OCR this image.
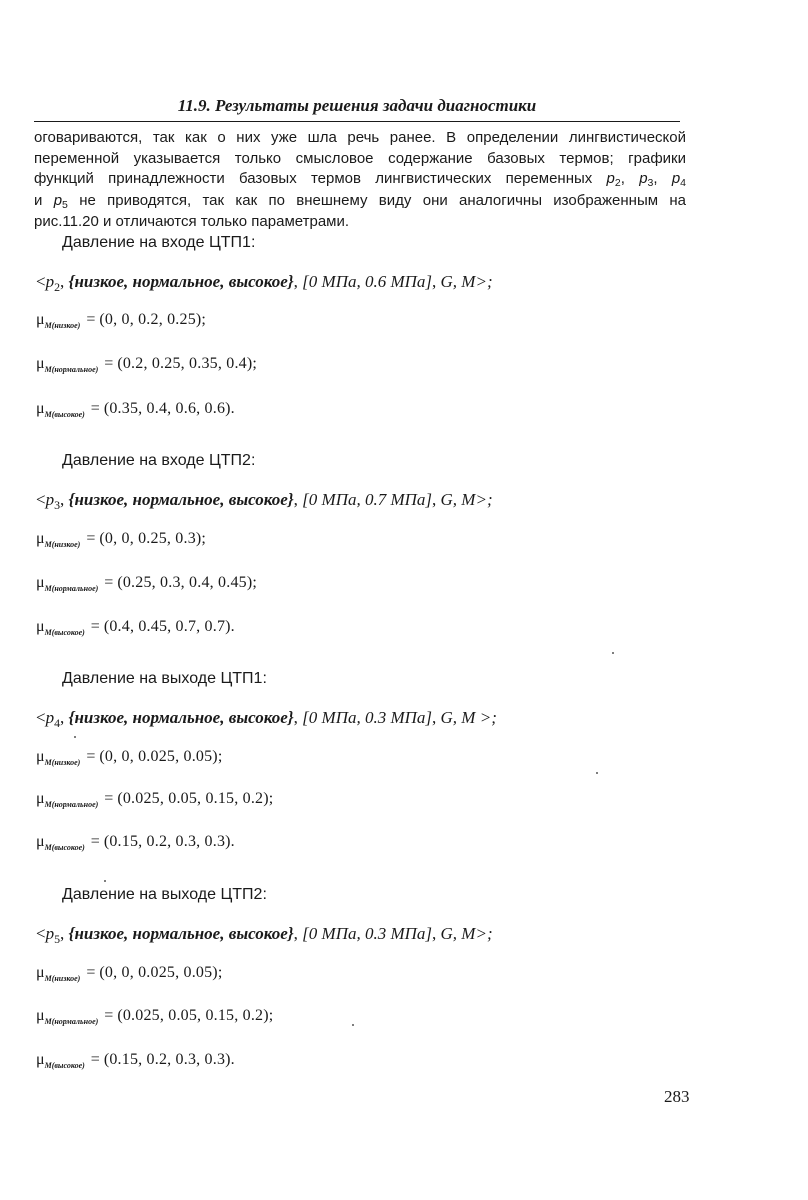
11.9. Результаты решения задачи диагностики
оговариваются, так как о них уже шла речь ранее. В определении лингвистической
переменной указывается только смысловое содержание базовых термов; графики
функций принадлежности базовых термов лингвистических переменных $p_2$, $p_3$, $p_4$
и $p_5$ не приводятся, так как по внешнему виду они аналогичны изображенным на
рис.11.20 и отличаются только параметрами.
Давление на входе ЦТП1:
$<p_2$, {низкое, нормальное, высокое}, [0 МПа, 0.6 МПа], G, M>;
$\mu_{M(низкое)} = (0$, 0, 0.2, 0.25);
$\mu_{M(нормальное)} = (0.2$, 0.25, 0.35, 0.4);
$\mu_{M(высокое)} = (0.35$, 0.4, 0.6, 0.6).
Давление на входе ЦТП2:
$<p_3$, {низкое, нормальное, высокое}, [0 МПа, 0.7 МПа], G, M>;
$\mu_{M(низкое)} = (0$, 0, 0.25, 0.3);
$\mu_{M(нормальное)} = (0.25$, 0.3, 0.4, 0.45);
$\mu_{M(высокое)} = (0.4$, 0.45, 0.7, 0.7).
Давление на выходе ЦТП1:
$<p_4$, {низкое, нормальное, высокое}, [0 МПа, 0.3 МПа], G, M >;
$\mu_{M(низкое)} = (0$, 0, 0.025, 0.05);
$\mu_{M(нормальное)} = (0.025$, 0.05, 0.15, 0.2);
$\mu_{M(высокое)} = (0.15$, 0.2, 0.3, 0.3).
Давление на выходе ЦТП2:
$<p_5$, {низкое, нормальное, высокое}, [0 МПа, 0.3 МПа], G, M>;
$\mu_{M(низкое)} = (0$, 0, 0.025, 0.05);
$\mu_{M(нормальное)} = (0.025$, 0.05, 0.15, 0.2);
$\mu_{M(высокое)} = (0.15$, 0.2, 0.3, 0.3).
283
